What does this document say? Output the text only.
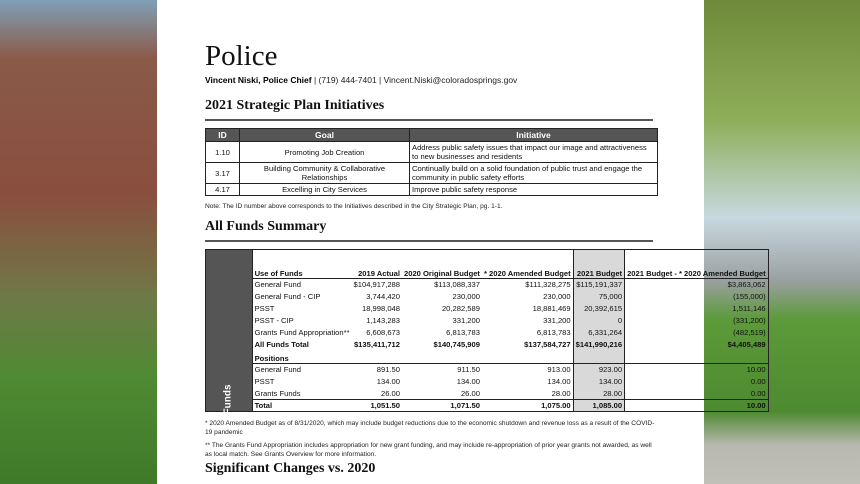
Police
Vincent Niski, Police Chief | (719) 444-7401 | Vincent.Niski@coloradosprings.gov
2021 Strategic Plan Initiatives
ID	Goal	Initiative
1.10	Promoting Job Creation	Address public safety issues that impact our image and attractiveness to new businesses and residents
3.17	Building Community & Collaborative Relationships	Continually build on a solid foundation of public trust and engage the community in public safety efforts
4.17	Excelling in City Services	Improve public safety response
Note: The ID number above corresponds to the Initiatives described in the City Strategic Plan, pg. 1-1.
All Funds Summary
All Funds	Use of Funds	2019 Actual	2020 Original Budget	* 2020 Amended Budget	2021 Budget	2021 Budget - * 2020 Amended Budget
	General Fund	$104,917,288	$113,088,337	$111,328,275	$115,191,337	$3,863,062
	General Fund - CIP	3,744,420	230,000	230,000	75,000	(155,000)
	PSST	18,998,048	20,282,589	18,881,469	20,392,615	1,511,146
	PSST - CIP	1,143,283	331,200	331,200	0	(331,200)
	Grants Fund Appropriation**	6,608,673	6,813,783	6,813,783	6,331,264	(482,519)
	All Funds Total	$135,411,712	$140,745,909	$137,584,727	$141,990,216	$4,405,489
	Positions					
	General Fund	891.50	911.50	913.00	923.00	10.00
	PSST	134.00	134.00	134.00	134.00	0.00
	Grants Funds	26.00	26.00	28.00	28.00	0.00
	Total	1,051.50	1,071.50	1,075.00	1,085.00	10.00
* 2020 Amended Budget as of 8/31/2020, which may include budget reductions due to the economic shutdown and revenue loss as a result of the COVID-19 pandemic
** The Grants Fund Appropriation includes appropriation for new grant funding, and may include re-appropriation of prior year grants not awarded, as well as local match. See Grants Overview for more information.
Significant Changes vs. 2020
